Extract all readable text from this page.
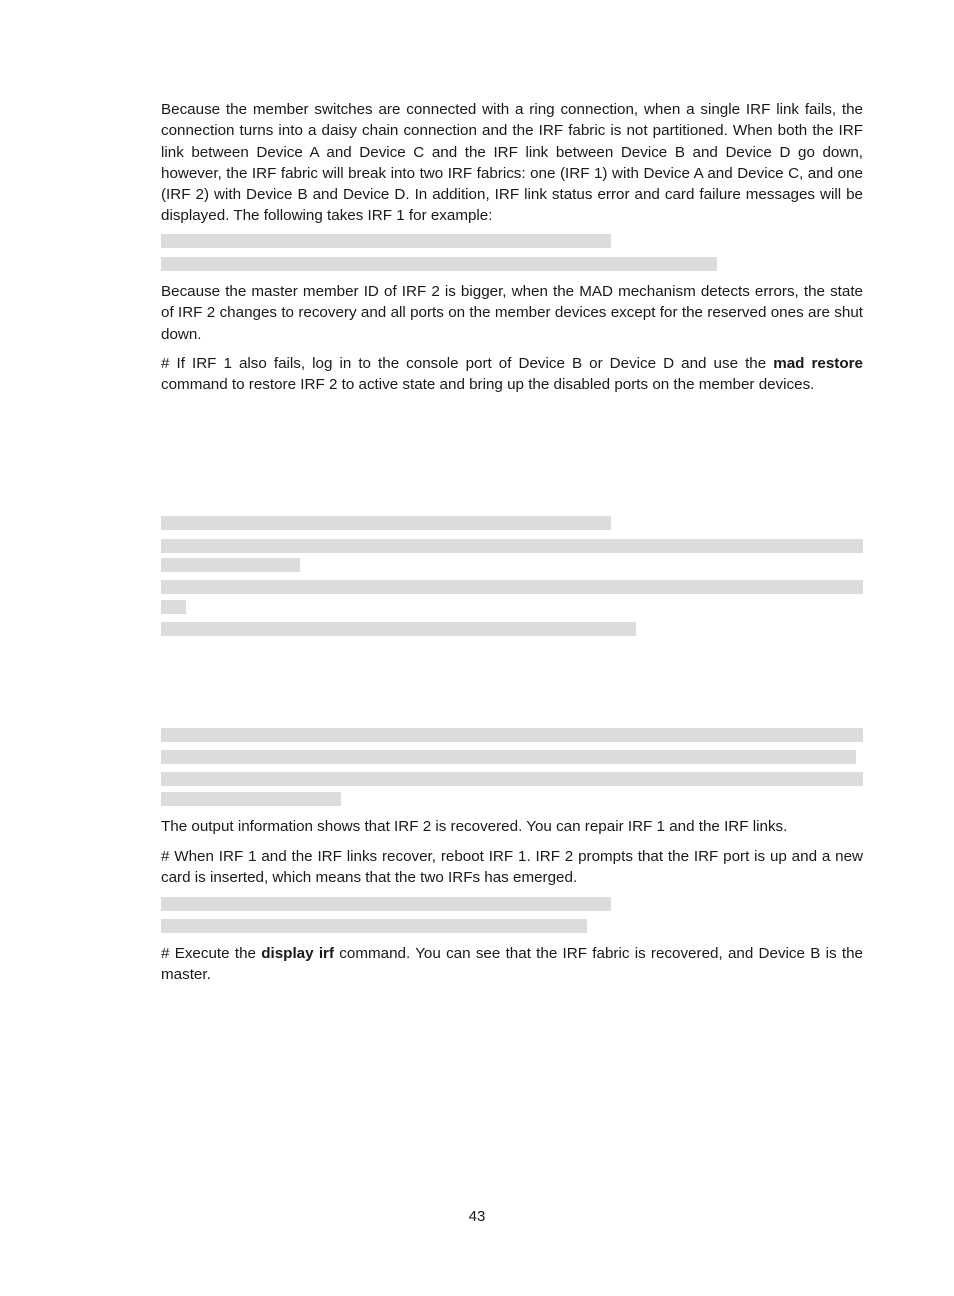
Because the member switches are connected with a ring connection, when a single IRF link fails, the connection turns into a daisy chain connection and the IRF fabric is not partitioned. When both the IRF link between Device A and Device C and the IRF link between Device B and Device D go down, however, the IRF fabric will break into two IRF fabrics: one (IRF 1) with Device A and Device C, and one (IRF 2) with Device B and Device D. In addition, IRF link status error and card failure messages will be displayed. The following takes IRF 1 for example:

Because the master member ID of IRF 2 is bigger, when the MAD mechanism detects errors, the state of IRF 2 changes to recovery and all ports on the member devices except for the reserved ones are shut down.

# If IRF 1 also fails, log in to the console port of Device B or Device D and use the mad restore command to restore IRF 2 to active state and bring up the disabled ports on the member devices.

The output information shows that IRF 2 is recovered. You can repair IRF 1 and the IRF links.

# When IRF 1 and the IRF links recover, reboot IRF 1. IRF 2 prompts that the IRF port is up and a new card is inserted, which means that the two IRFs has emerged.

# Execute the display irf command. You can see that the IRF fabric is recovered, and Device B is the master.

43
